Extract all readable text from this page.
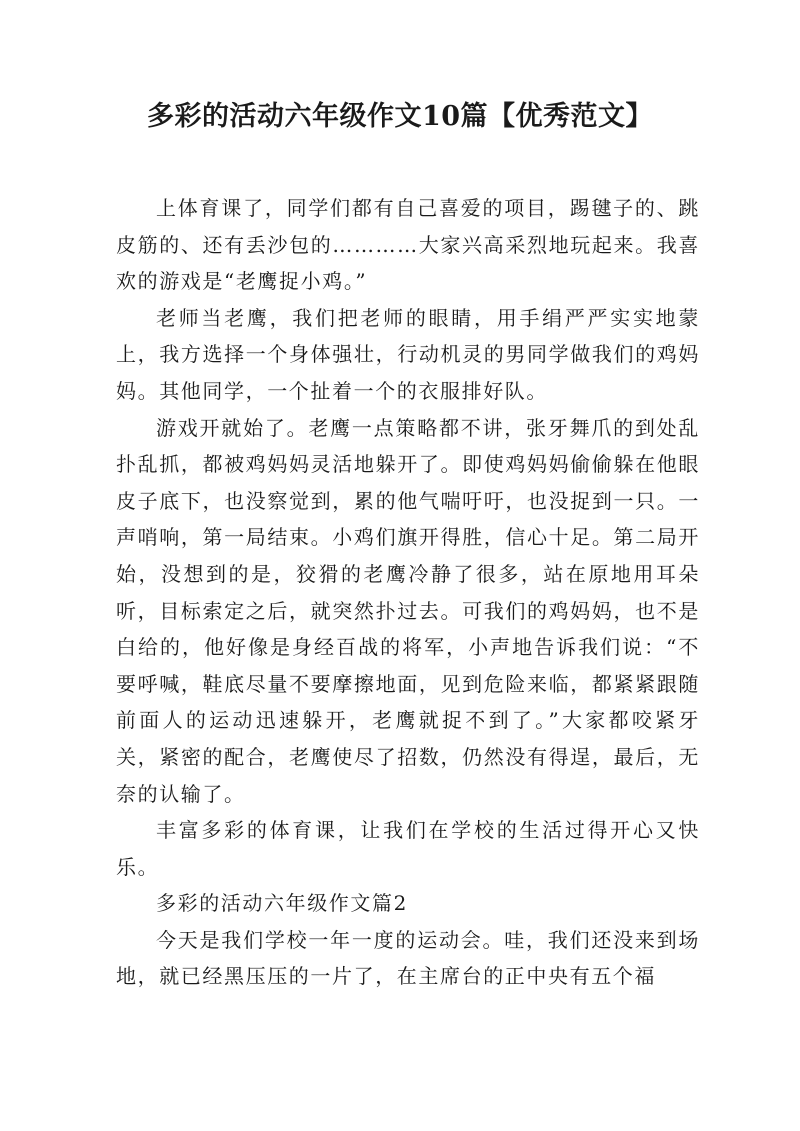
多彩的活动六年级作文10篇【优秀范文】

上体育课了，同学们都有自己喜爱的项目，踢毽子的、跳皮筋的、还有丢沙包的…………大家兴高采烈地玩起来。我喜欢的游戏是“老鹰捉小鸡。”

老师当老鹰，我们把老师的眼睛，用手绢严严实实地蒙上，我方选择一个身体强壮，行动机灵的男同学做我们的鸡妈妈。其他同学，一个扯着一个的衣服排好队。

游戏开就始了。老鹰一点策略都不讲，张牙舞爪的到处乱扑乱抓，都被鸡妈妈灵活地躲开了。即使鸡妈妈偷偷躲在他眼皮子底下，也没察觉到，累的他气喘吁吁，也没捉到一只。一声哨响，第一局结束。小鸡们旗开得胜，信心十足。第二局开始，没想到的是，狡猾的老鹰冷静了很多，站在原地用耳朵听，目标索定之后，就突然扑过去。可我们的鸡妈妈，也不是白给的，他好像是身经百战的将军，小声地告诉我们说：“不要呼喊，鞋底尽量不要摩擦地面，见到危险来临，都紧紧跟随前面人的运动迅速躲开，老鹰就捉不到了。”大家都咬紧牙关，紧密的配合，老鹰使尽了招数，仍然没有得逞，最后，无奈的认输了。

丰富多彩的体育课，让我们在学校的生活过得开心又快乐。

多彩的活动六年级作文篇2

今天是我们学校一年一度的运动会。哇，我们还没来到场地，就已经黑压压的一片了，在主席台的正中央有五个福
